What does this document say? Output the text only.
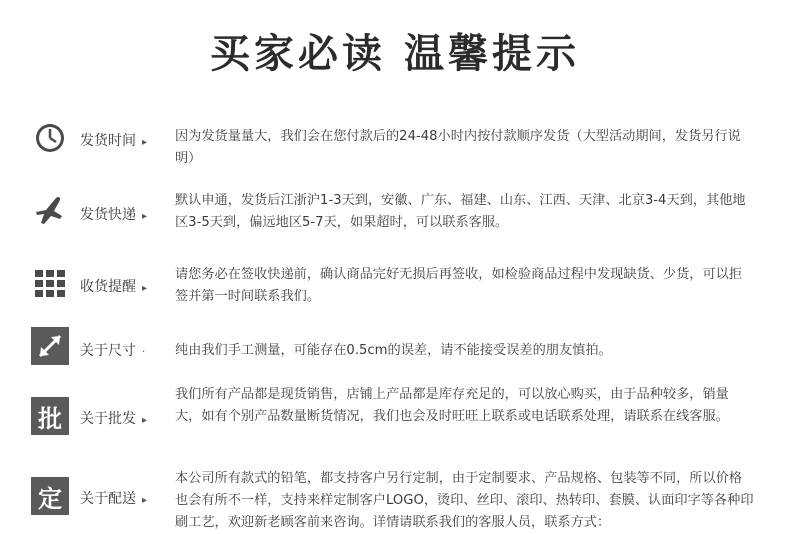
买家必读 温馨提示
发货时间 ▸ 因为发货量量大，我们会在您付款后的24-48小时内按付款顺序发货（大型活动期间，发货另行说明）
发货快递 ▸
默认申通，发货后江浙沪1-3天到，安徽、广东、福建、山东、江西、天津、北京3-4天到，其他地区3-5天到，偏远地区5-7天，如果超时，可以联系客服。
收货提醒 ▸
请您务必在签收快递前，确认商品完好无损后再签收，如检验商品过程中发现缺货、少货，可以拒签并第一时间联系我们。
关于尺寸 · 纯由我们手工测量，可能存在0.5cm的误差，请不能接受误差的朋友慎拍。
批	关于批发 ▸
我们所有产品都是现货销售，店铺上产品都是库存充足的，可以放心购买，由于品种较多，销量大，如有个别产品数量断货情况，我们也会及时旺旺上联系或电话联系处理，请联系在线客服。
定	关于配送 ▸
本公司所有款式的铅笔，都支持客户另行定制，由于定制要求、产品规格、包装等不同，所以价格也会有所不一样，支持来样定制客户LOGO，烫印、丝印、滚印、热转印、套膜、认面印字等各种印刷工艺，欢迎新老顾客前来咨询。详情请联系我们的客服人员，联系方式：
